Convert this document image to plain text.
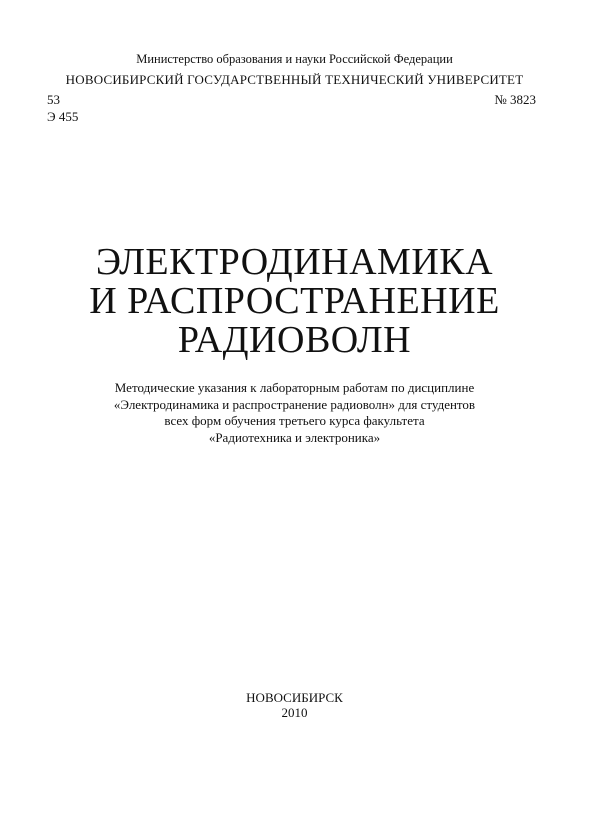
Министерство образования и науки Российской Федерации
НОВОСИБИРСКИЙ ГОСУДАРСТВЕННЫЙ ТЕХНИЧЕСКИЙ УНИВЕРСИТЕТ
53
Э 455
№ 3823
ЭЛЕКТРОДИНАМИКА
И РАСПРОСТРАНЕНИЕ
РАДИОВОЛН
Методические указания к лабораторным работам по дисциплине
«Электродинамика и распространение радиоволн» для студентов
всех форм обучения третьего курса факультета
«Радиотехника и электроника»
НОВОСИБИРСК
2010
